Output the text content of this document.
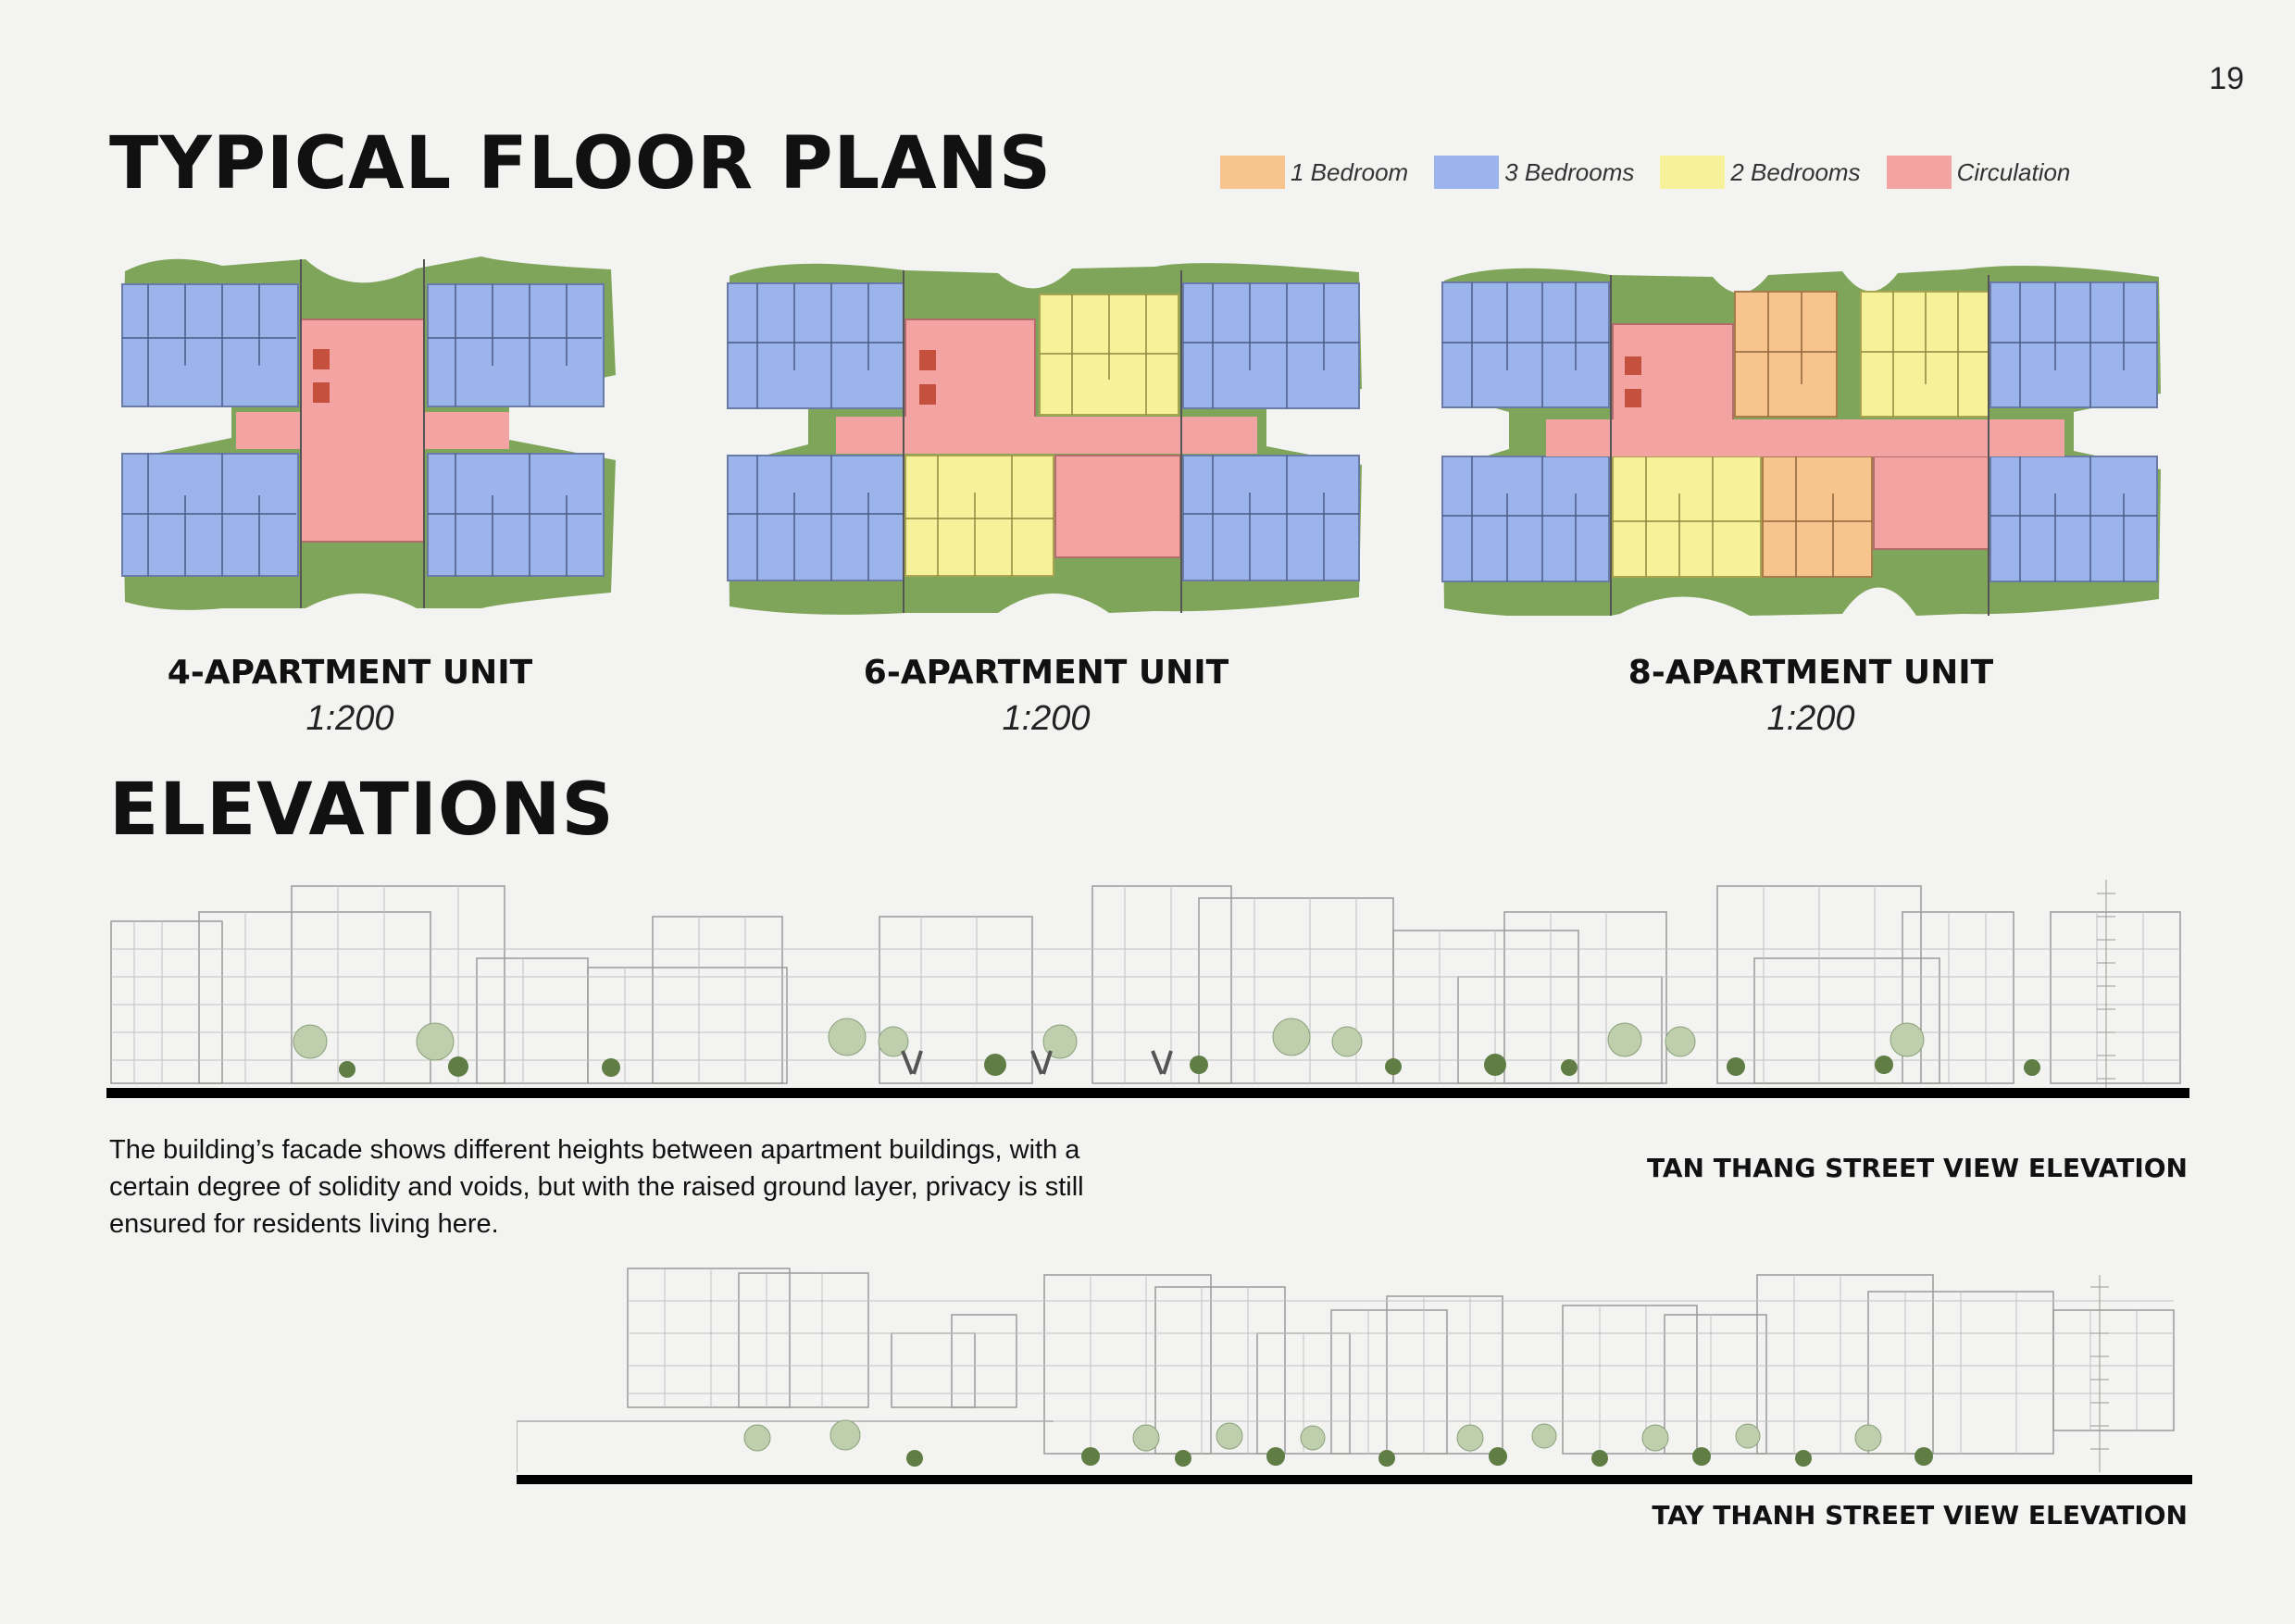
19
TYPICAL FLOOR PLANS	1 Bedroom	3 Bedrooms	2 Bedrooms	Circulation
4-APARTMENT UNIT
1:200
6-APARTMENT UNIT
1:200
8-APARTMENT UNIT
1:200
ELEVATIONS
The building’s facade shows different heights between apartment buildings, with a certain degree of solidity and voids, but with the raised ground layer, privacy is still ensured for residents living here.
TAN THANG STREET VIEW ELEVATION
TAY THANH STREET VIEW ELEVATION
